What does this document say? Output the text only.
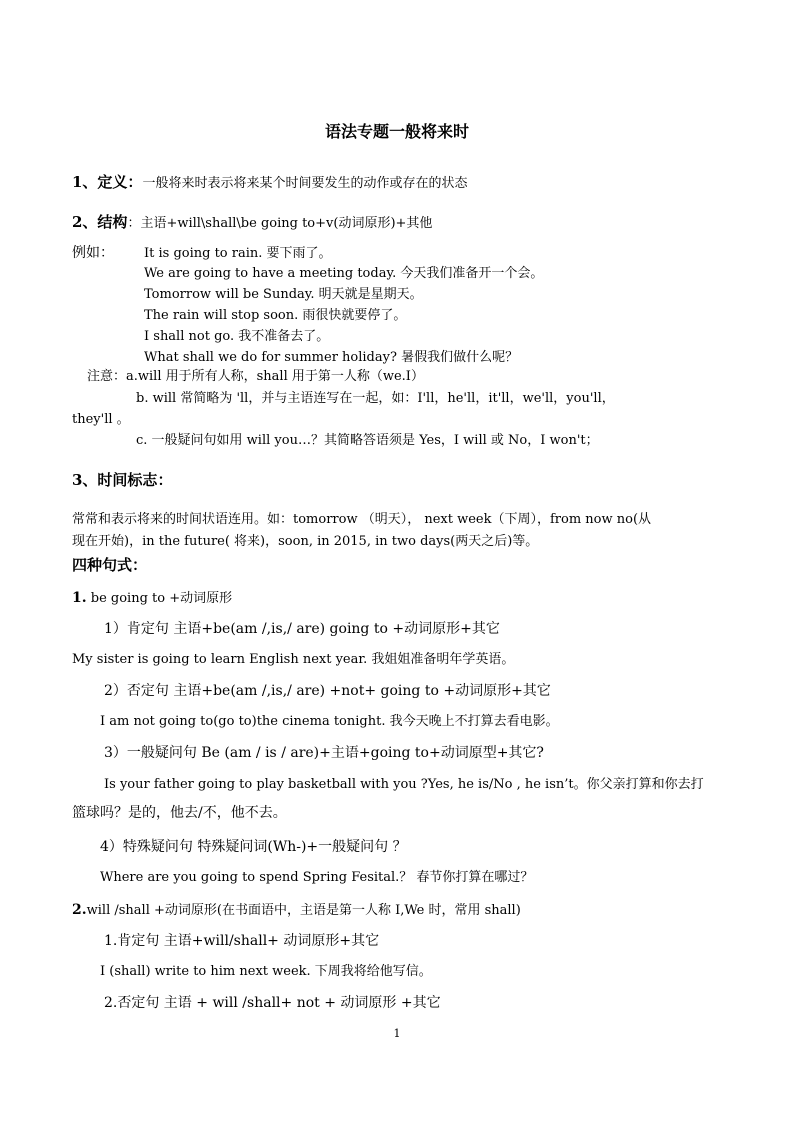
语法专题一般将来时
1、定义：一般将来时表示将来某个时间要发生的动作或存在的状态
2、结构：主语+will\shall\be going to+v(动词原形)+其他
例如： It is going to rain. 要下雨了。
We are going to have a meeting today. 今天我们准备开一个会。
Tomorrow will be Sunday. 明天就是星期天。
The rain will stop soon. 雨很快就要停了。
I shall not go. 我不准备去了。
What shall we do for summer holiday? 暑假我们做什么呢？
注意：a.will 用于所有人称，shall 用于第一人称（we.I）
b. will 常简略为 'll，并与主语连写在一起，如：I'll，he'll，it'll，we'll，you'll，
they'll 。
c. 一般疑问句如用 will you…？其简略答语须是 Yes，I will 或 No，I won't；
3、时间标志：
常常和表示将来的时间状语连用。如：tomorrow （明天）， next week（下周），from now no(从
现在开始)，in the future( 将来)，soon, in 2015, in two days(两天之后)等。
四种句式：
1. be going to +动词原形
1）肯定句 主语+be(am /,is,/ are) going to +动词原形+其它
My sister is going to learn English next year. 我姐姐准备明年学英语。
2）否定句 主语+be(am /,is,/ are) +not+ going to +动词原形+其它
I am not going to(go to)the cinema tonight. 我今天晚上不打算去看电影。
3）一般疑问句 Be (am / is / are)+主语+going to+动词原型+其它?
Is your father going to play basketball with you ?Yes, he is/No , he isn’t。你父亲打算和你去打
篮球吗？是的，他去/不，他不去。
4）特殊疑问句 特殊疑问词(Wh-)+一般疑问句 ？
Where are you going to spend Spring Fesital.？ 春节你打算在哪过？
2.will /shall +动词原形(在书面语中，主语是第一人称 I,We 时，常用 shall)
1.肯定句 主语+will/shall+ 动词原形+其它
I (shall) write to him next week. 下周我将给他写信。
2.否定句 主语 + will /shall+ not + 动词原形 +其它
1
